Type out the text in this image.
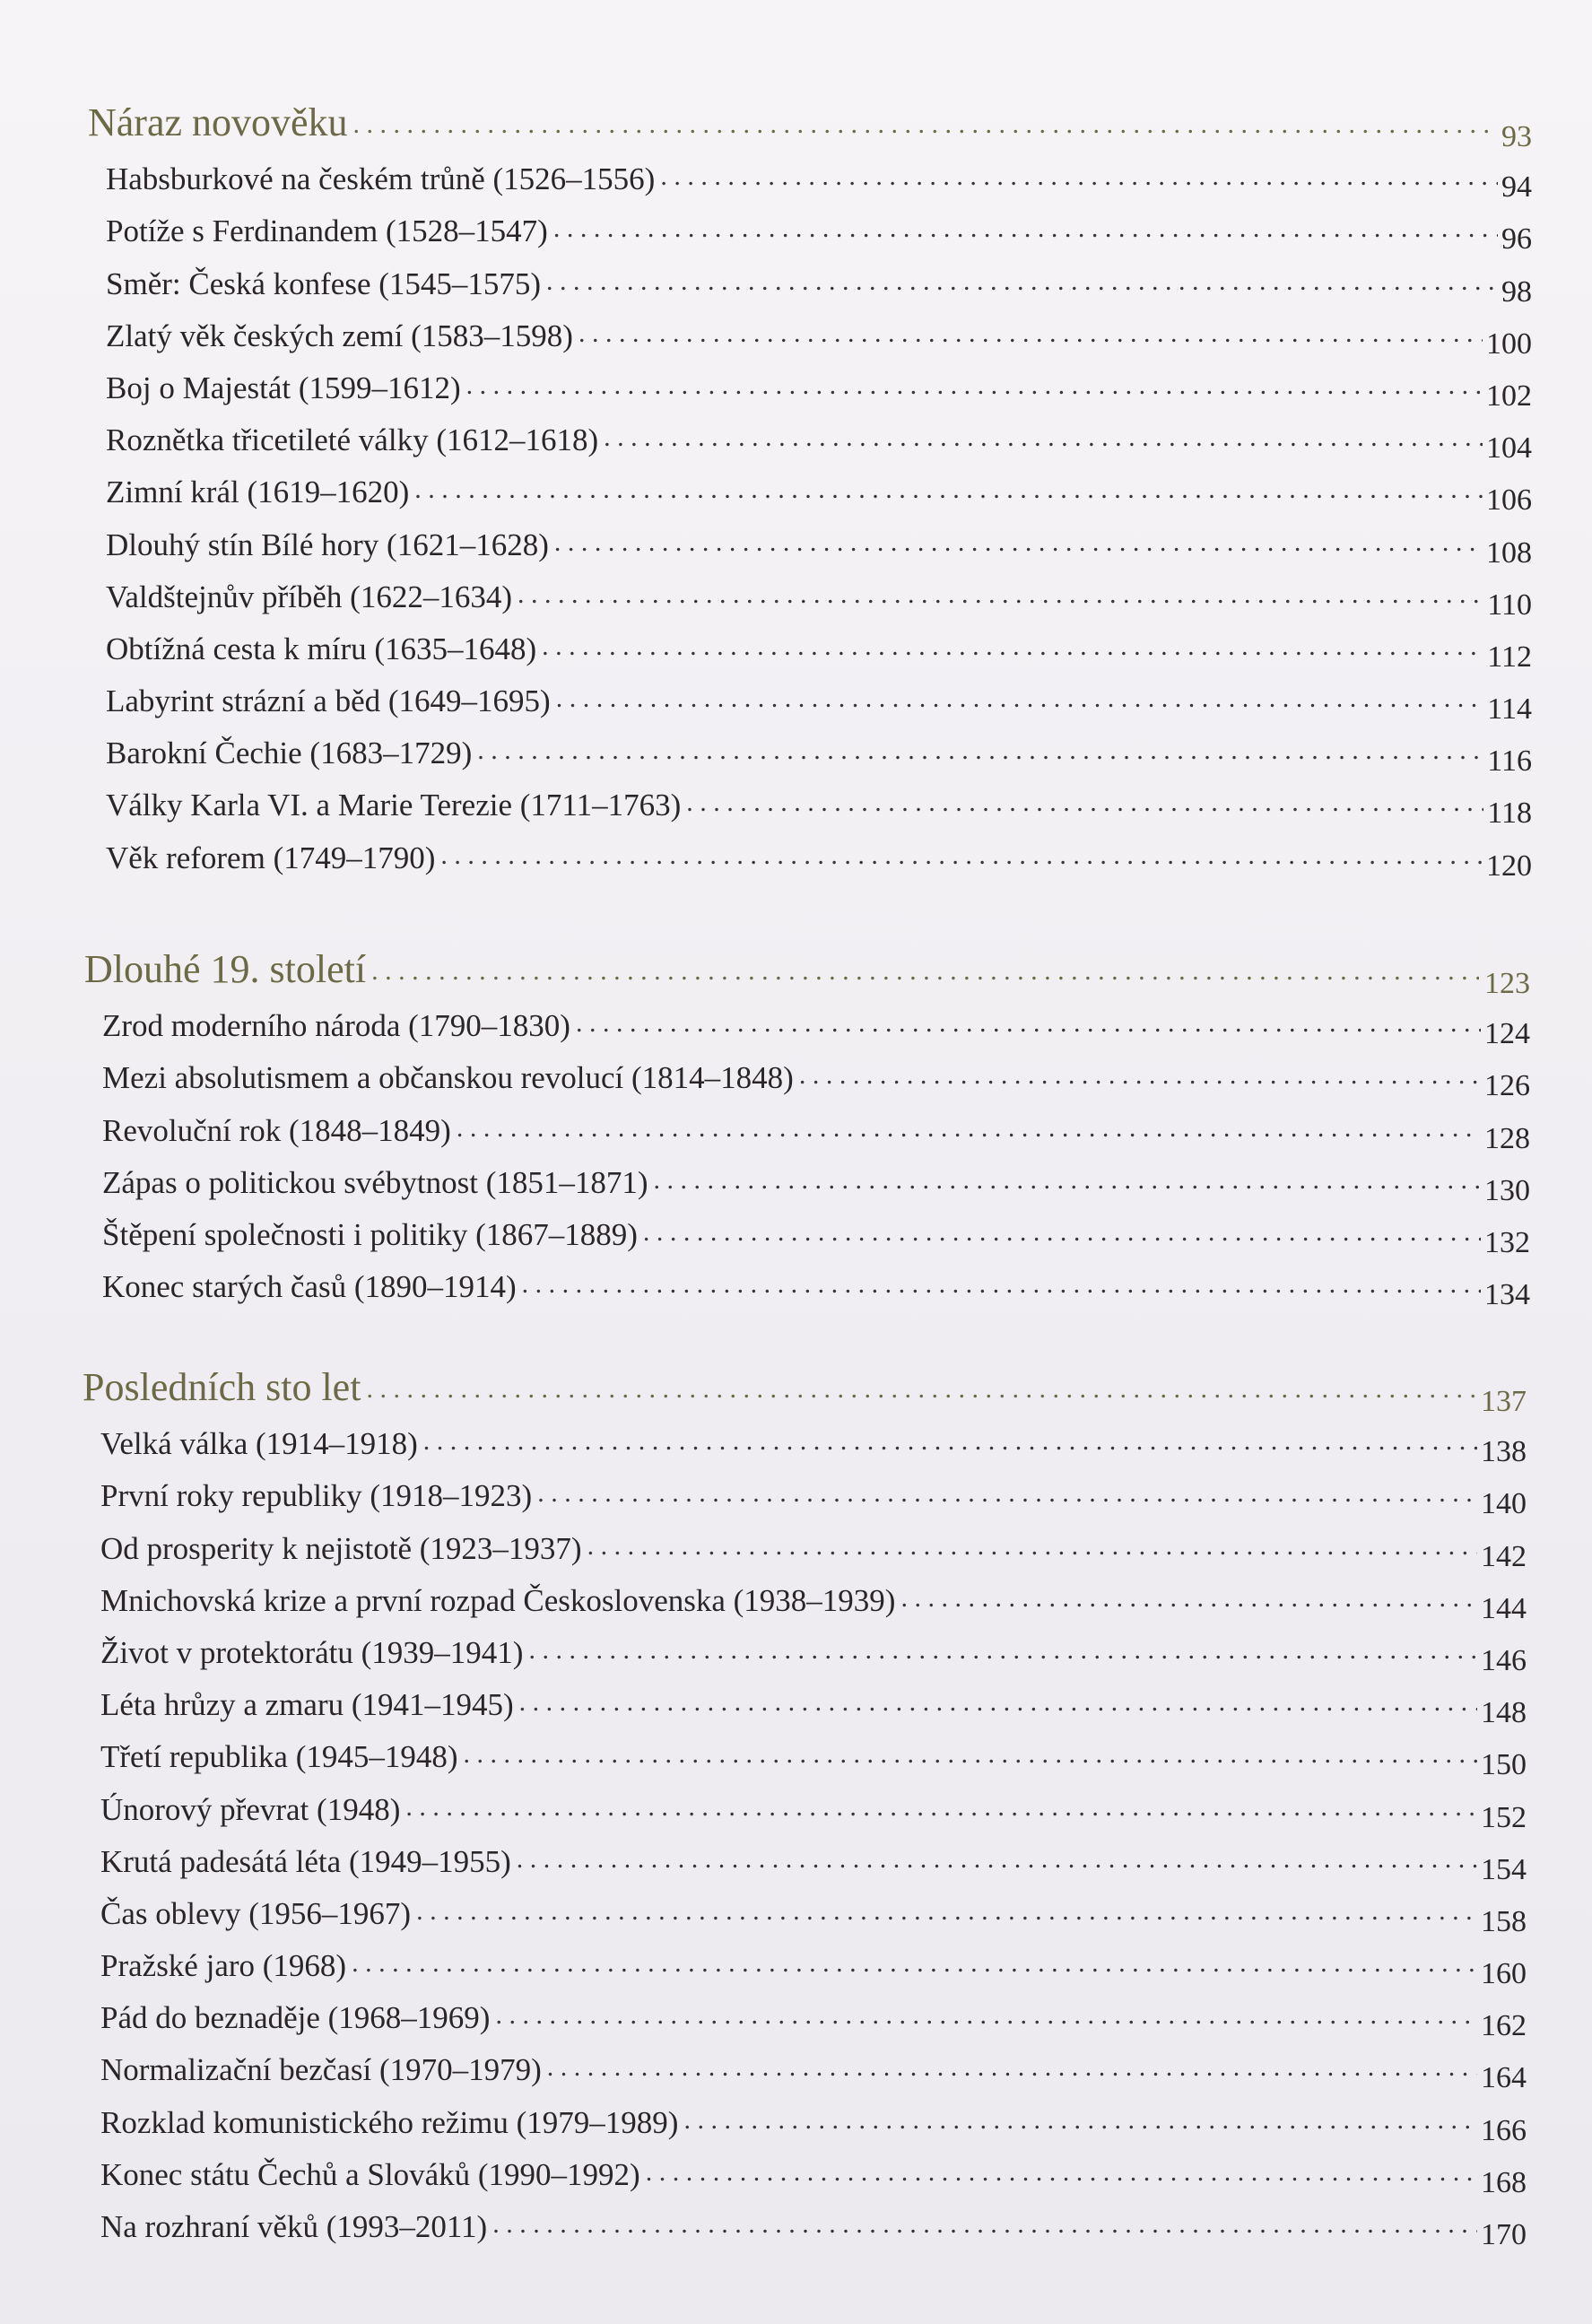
Náraz novověku . . .	93
Habsburkové na českém trůně (1526–1556) . . .	94
Potíže s Ferdinandem (1528–1547) . . .	96
Směr: Česká konfese (1545–1575) . . .	98
Zlatý věk českých zemí (1583–1598) . . .	100
Boj o Majestát (1599–1612) . . .	102
Roznětka třicetileté války (1612–1618) . . .	104
Zimní král (1619–1620) . . .	106
Dlouhý stín Bílé hory (1621–1628) . . .	108
Valdštejnův příběh (1622–1634) . . .	110
Obtížná cesta k míru (1635–1648) . . .	112
Labyrint strázní a běd (1649–1695) . . .	114
Barokní Čechie (1683–1729) . . .	116
Války Karla VI. a Marie Terezie (1711–1763) . . .	118
Věk reforem (1749–1790) . . .	120
Dlouhé 19. století . . .	123
Zrod moderního národa (1790–1830) . . .	124
Mezi absolutismem a občanskou revolucí (1814–1848) . . .	126
Revoluční rok (1848–1849) . . .	128
Zápas o politickou svébytnost (1851–1871) . . .	130
Štěpení společnosti i politiky (1867–1889) . . .	132
Konec starých časů (1890–1914) . . .	134
Posledních sto let . . .	137
Velká válka (1914–1918) . . .	138
První roky republiky (1918–1923) . . .	140
Od prosperity k nejistotě (1923–1937) . . .	142
Mnichovská krize a první rozpad Československa (1938–1939) . . .	144
Život v protektorátu (1939–1941) . . .	146
Léta hrůzy a zmaru (1941–1945) . . .	148
Třetí republika (1945–1948) . . .	150
Únorový převrat (1948) . . .	152
Krutá padesátá léta (1949–1955) . . .	154
Čas oblevy (1956–1967) . . .	158
Pražské jaro (1968) . . .	160
Pád do beznaděje (1968–1969) . . .	162
Normalizační bezčasí (1970–1979) . . .	164
Rozklad komunistického režimu (1979–1989) . . .	166
Konec státu Čechů a Slováků (1990–1992) . . .	168
Na rozhraní věků (1993–2011) . . .	170
